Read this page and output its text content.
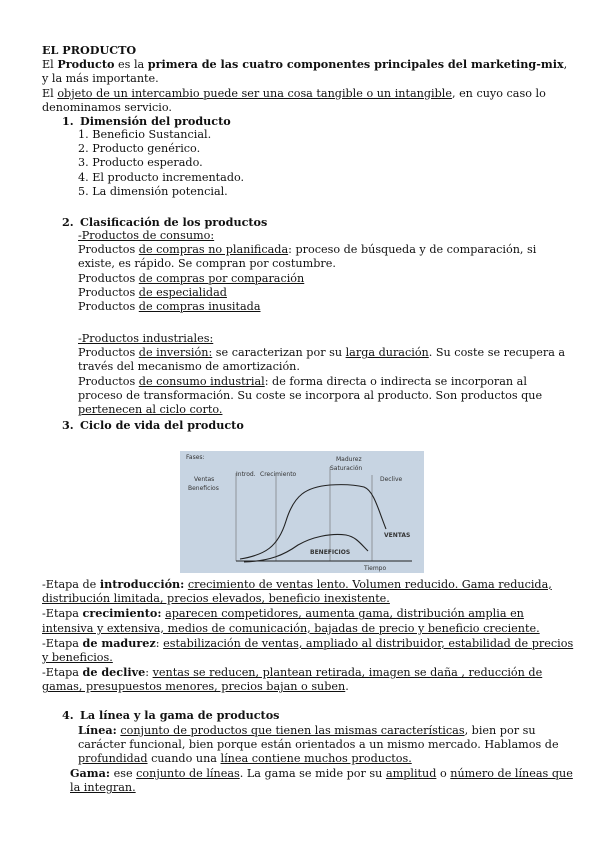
EL PRODUCTO

El Producto es la primera de las cuatro componentes principales del marketing-mix, y la más importante.

El objeto de un intercambio puede ser una cosa tangible o un intangible, en cuyo caso lo denominamos servicio.

1. Dimensión del producto

1. Beneficio Sustancial.

2. Producto genérico.

3. Producto esperado.

4. El producto incrementado.

5. La dimensión potencial.

2. Clasificación de los productos

-Productos de consumo:

Productos de compras no planificada: proceso de búsqueda y de comparación, si existe, es rápido. Se compran por costumbre.

Productos de compras por comparación

Productos de especialidad

Productos de compras inusitada

-Productos industriales:

Productos de inversión: se caracterizan por su larga duración. Su coste se recupera a través del mecanismo de amortización.

Productos de consumo industrial: de forma directa o indirecta se incorporan al proceso de transformación. Su coste se incorpora al producto. Son productos que pertenecen al ciclo corto.

3. Ciclo de vida del producto

Fases:
Introd. Crecimiento
Madurez
Saturación
Declive
Ventas
Beneficios
VENTAS
BENEFICIOS
Tiempo

-Etapa de introducción: crecimiento de ventas lento. Volumen reducido. Gama reducida, distribución limitada, precios elevados, beneficio inexistente.

-Etapa crecimiento: aparecen competidores, aumenta gama, distribución amplia en intensiva y extensiva, medios de comunicación, bajadas de precio y beneficio creciente.

-Etapa de madurez: estabilización de ventas, ampliado al distribuidor, estabilidad de precios y beneficios.

-Etapa de declive: ventas se reducen, plantean retirada, imagen se daña , reducción de gamas, presupuestos menores, precios bajan o suben.

4. La línea y la gama de productos

Línea: conjunto de productos que tienen las mismas características, bien por su carácter funcional, bien porque están orientados a un mismo mercado. Hablamos de profundidad cuando una línea contiene muchos productos.

Gama: ese conjunto de líneas. La gama se mide por su amplitud o número de líneas que la integran.
